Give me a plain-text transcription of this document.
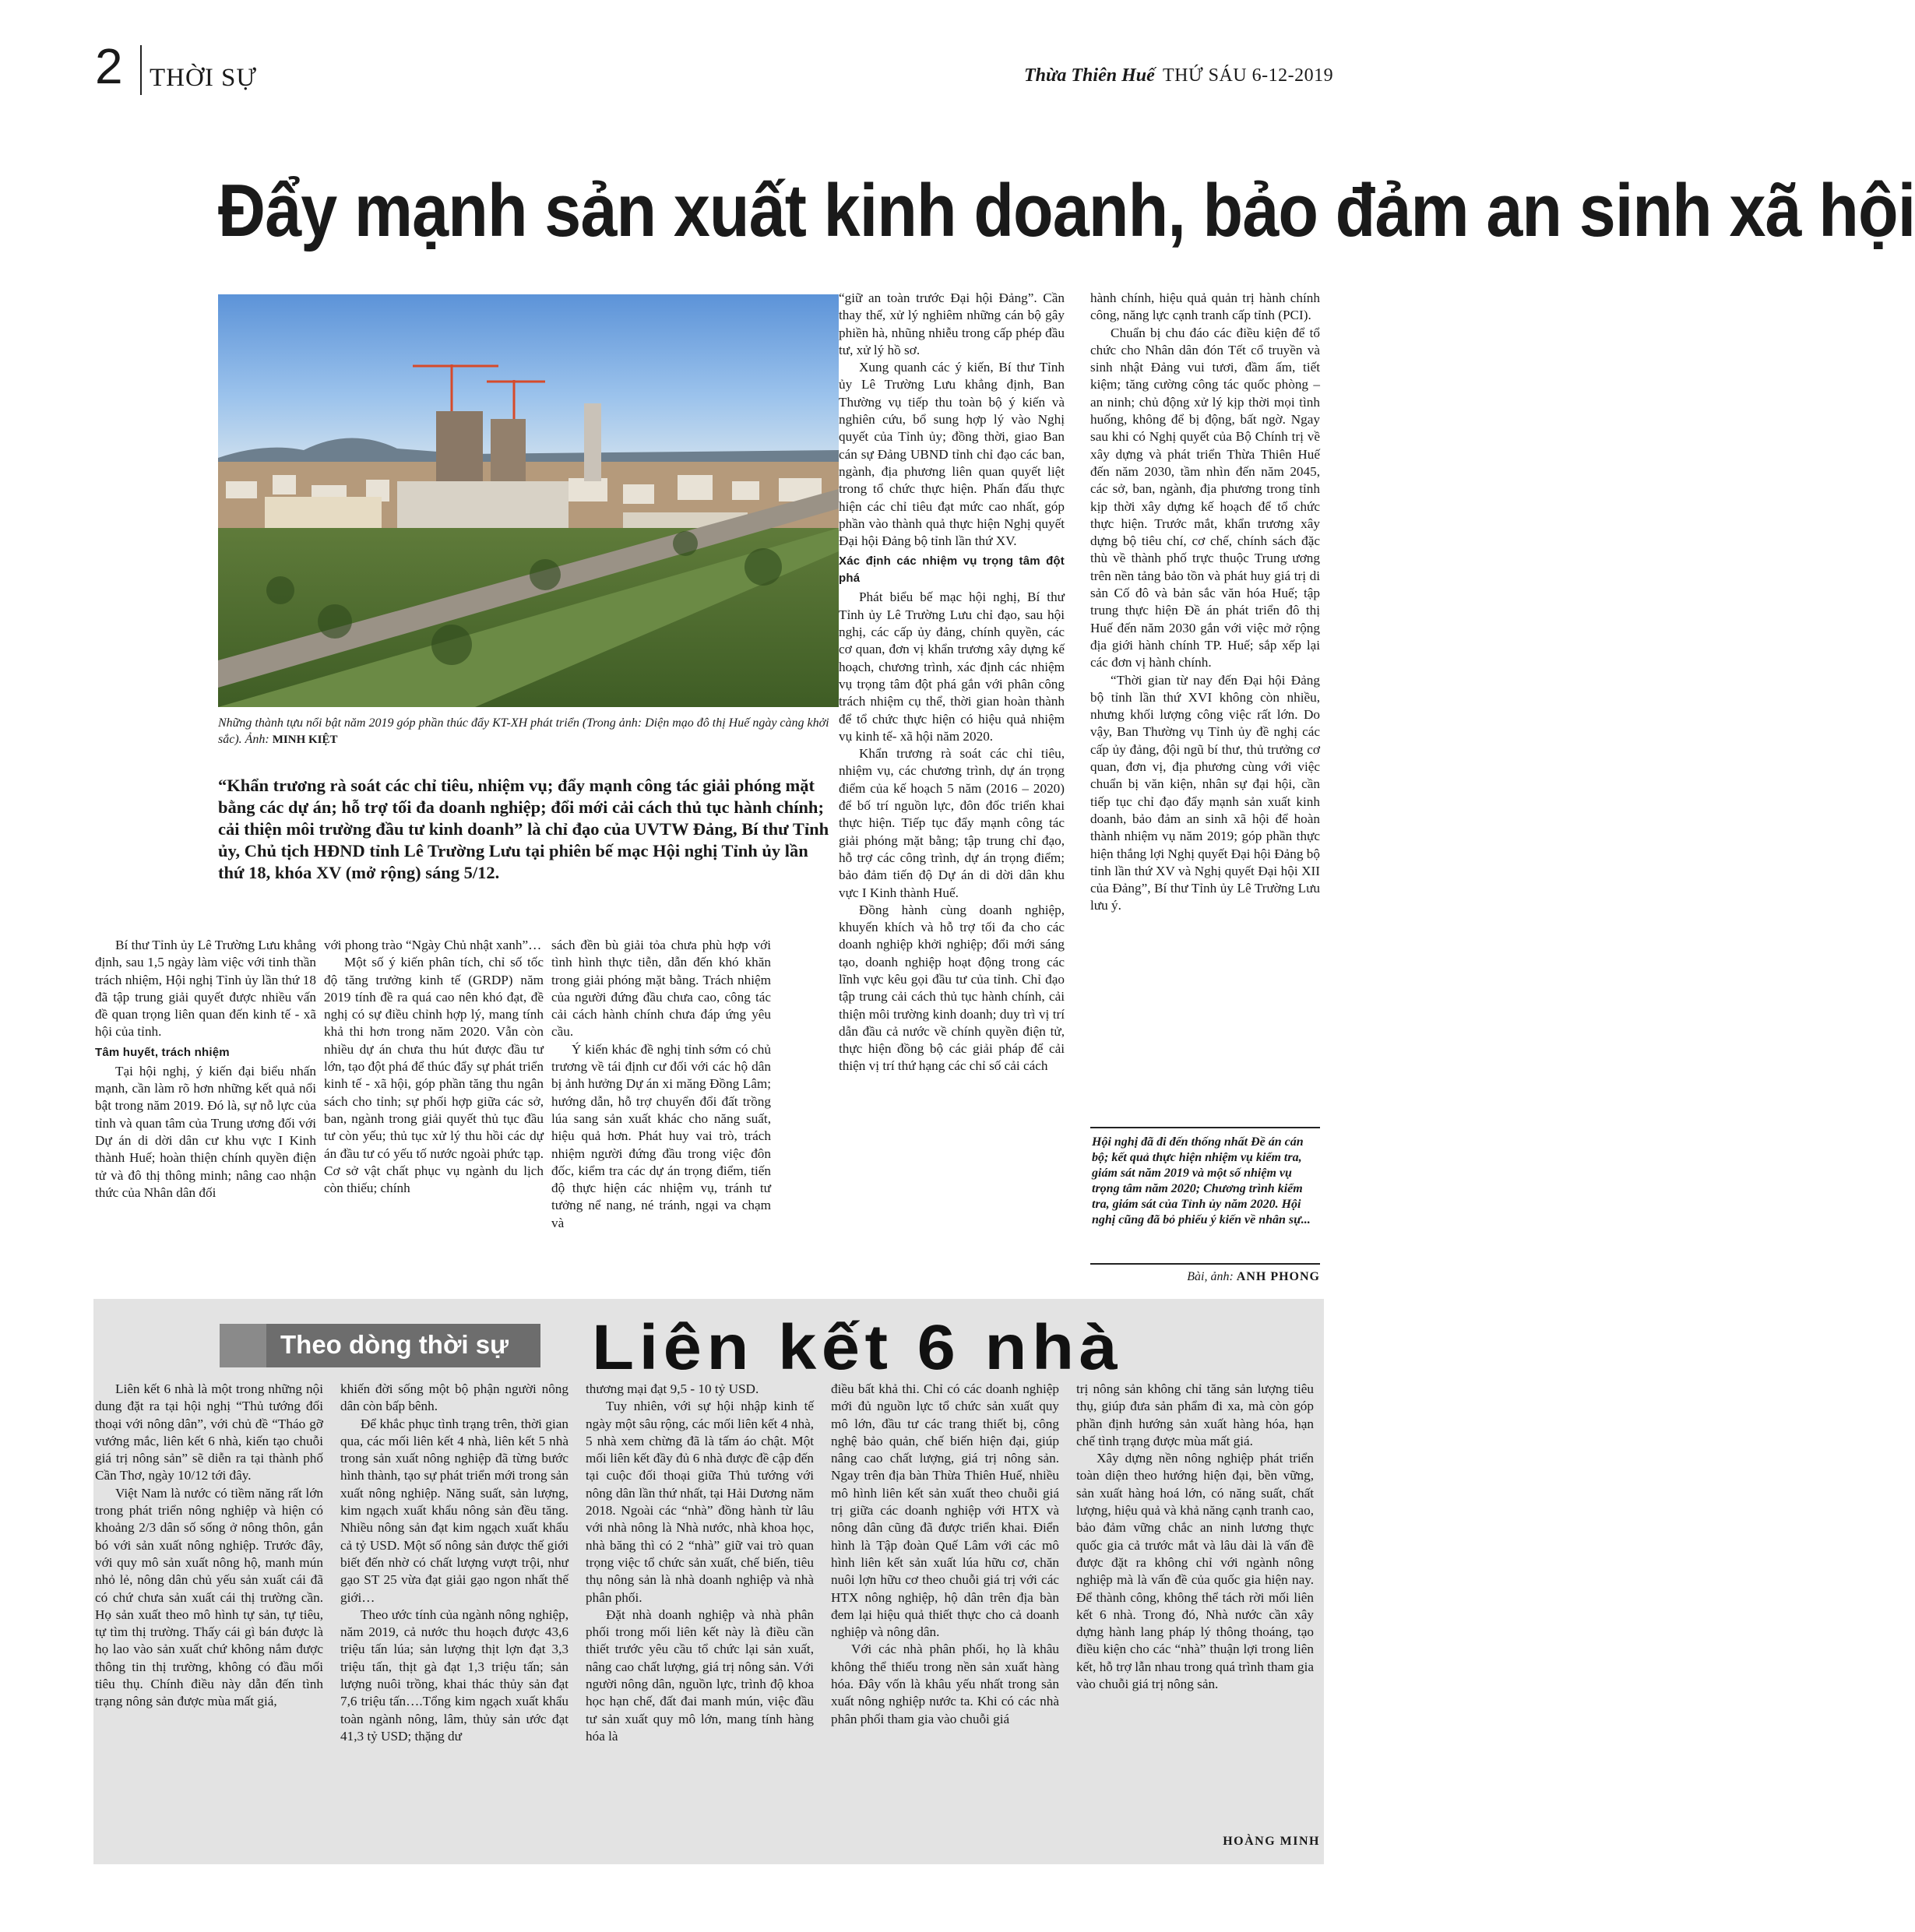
2 THỜI SỰ	Thừa Thiên Huế THỨ SÁU 6-12-2019
Đẩy mạnh sản xuất kinh doanh, bảo đảm an sinh xã hội
Những thành tựu nổi bật năm 2019 góp phần thúc đẩy KT-XH phát triển (Trong ảnh: Diện mạo đô thị Huế ngày càng khởi sắc). Ảnh: MINH KIỆT
“Khẩn trương rà soát các chỉ tiêu, nhiệm vụ; đẩy mạnh công tác giải phóng mặt bằng các dự án; hỗ trợ tối đa doanh nghiệp; đổi mới cải cách thủ tục hành chính; cải thiện môi trường đầu tư kinh doanh” là chỉ đạo của UVTW Đảng, Bí thư Tỉnh ủy, Chủ tịch HĐND tỉnh Lê Trường Lưu tại phiên bế mạc Hội nghị Tỉnh ủy lần thứ 18, khóa XV (mở rộng) sáng 5/12.

Bí thư Tỉnh ủy Lê Trường Lưu khẳng định, sau 1,5 ngày làm việc với tinh thần trách nhiệm, Hội nghị Tỉnh ủy lần thứ 18 đã tập trung giải quyết được nhiều vấn đề quan trọng liên quan đến kinh tế - xã hội của tỉnh.

Tâm huyết, trách nhiệm

Tại hội nghị, ý kiến đại biểu nhấn mạnh, cần làm rõ hơn những kết quả nổi bật trong năm 2019. Đó là, sự nỗ lực của tỉnh và quan tâm của Trung ương đối với Dự án di dời dân cư khu vực I Kinh thành Huế; hoàn thiện chính quyền điện tử và đô thị thông minh; nâng cao nhận thức của Nhân dân đối

với phong trào “Ngày Chủ nhật xanh”…

Một số ý kiến phân tích, chỉ số tốc độ tăng trưởng kinh tế (GRDP) năm 2019 tính đề ra quá cao nên khó đạt, đề nghị có sự điều chỉnh hợp lý, mang tính khả thi hơn trong năm 2020. Vẫn còn nhiều dự án chưa thu hút được đầu tư lớn, tạo đột phá để thúc đẩy sự phát triển kinh tế - xã hội, góp phần tăng thu ngân sách cho tỉnh; sự phối hợp giữa các sở, ban, ngành trong giải quyết thủ tục đầu tư còn yếu; thủ tục xử lý thu hồi các dự án đầu tư có yếu tố nước ngoài phức tạp. Cơ sở vật chất phục vụ ngành du lịch còn thiếu; chính

sách đền bù giải tỏa chưa phù hợp với tình hình thực tiễn, dẫn đến khó khăn trong giải phóng mặt bằng. Trách nhiệm của người đứng đầu chưa cao, công tác cải cách hành chính chưa đáp ứng yêu cầu.

Ý kiến khác đề nghị tỉnh sớm có chủ trương về tái định cư đối với các hộ dân bị ảnh hưởng Dự án xi măng Đồng Lâm; hướng dẫn, hỗ trợ chuyển đổi đất trồng lúa sang sản xuất khác cho năng suất, hiệu quả hơn. Phát huy vai trò, trách nhiệm người đứng đầu trong việc đôn đốc, kiểm tra các dự án trọng điểm, tiến độ thực hiện các nhiệm vụ, tránh tư tưởng nể nang, né tránh, ngại va chạm và

“giữ an toàn trước Đại hội Đảng”. Cần thay thế, xử lý nghiêm những cán bộ gây phiền hà, nhũng nhiễu trong cấp phép đầu tư, xử lý hồ sơ.

Xung quanh các ý kiến, Bí thư Tỉnh ủy Lê Trường Lưu khẳng định, Ban Thường vụ tiếp thu toàn bộ ý kiến và nghiên cứu, bổ sung hợp lý vào Nghị quyết của Tỉnh ủy; đồng thời, giao Ban cán sự Đảng UBND tỉnh chỉ đạo các ban, ngành, địa phương liên quan quyết liệt trong tổ chức thực hiện. Phấn đấu thực hiện các chỉ tiêu đạt mức cao nhất, góp phần vào thành quả thực hiện Nghị quyết Đại hội Đảng bộ tỉnh lần thứ XV.

Xác định các nhiệm vụ trọng tâm đột phá

Phát biểu bế mạc hội nghị, Bí thư Tỉnh ủy Lê Trường Lưu chỉ đạo, sau hội nghị, các cấp ủy đảng, chính quyền, các cơ quan, đơn vị khẩn trương xây dựng kế hoạch, chương trình, xác định các nhiệm vụ trọng tâm đột phá gắn với phân công trách nhiệm cụ thể, thời gian hoàn thành để tổ chức thực hiện có hiệu quả nhiệm vụ kinh tế- xã hội năm 2020.

Khẩn trương rà soát các chỉ tiêu, nhiệm vụ, các chương trình, dự án trọng điểm của kế hoạch 5 năm (2016 – 2020) để bố trí nguồn lực, đôn đốc triển khai thực hiện. Tiếp tục đẩy mạnh công tác giải phóng mặt bằng; tập trung chỉ đạo, hỗ trợ các công trình, dự án trọng điểm; bảo đảm tiến độ Dự án di dời dân khu vực I Kinh thành Huế.

Đồng hành cùng doanh nghiệp, khuyến khích và hỗ trợ tối đa cho các doanh nghiệp khởi nghiệp; đổi mới sáng tạo, doanh nghiệp hoạt động trong các lĩnh vực kêu gọi đầu tư của tỉnh. Chỉ đạo tập trung cải cách thủ tục hành chính, cải thiện môi trường kinh doanh; duy trì vị trí dẫn đầu cả nước về chính quyền điện tử, thực hiện đồng bộ các giải pháp để cải thiện vị trí thứ hạng các chỉ số cải cách

hành chính, hiệu quả quản trị hành chính công, năng lực cạnh tranh cấp tỉnh (PCI).

Chuẩn bị chu đáo các điều kiện để tổ chức cho Nhân dân đón Tết cổ truyền và sinh nhật Đảng vui tươi, đầm ấm, tiết kiệm; tăng cường công tác quốc phòng – an ninh; chủ động xử lý kịp thời mọi tình huống, không để bị động, bất ngờ. Ngay sau khi có Nghị quyết của Bộ Chính trị về xây dựng và phát triển Thừa Thiên Huế đến năm 2030, tầm nhìn đến năm 2045, các sở, ban, ngành, địa phương trong tỉnh kịp thời xây dựng kế hoạch để tổ chức thực hiện. Trước mắt, khẩn trương xây dựng bộ tiêu chí, cơ chế, chính sách đặc thù về thành phố trực thuộc Trung ương trên nền tảng bảo tồn và phát huy giá trị di sản Cố đô và bản sắc văn hóa Huế; tập trung thực hiện Đề án phát triển đô thị Huế đến năm 2030 gắn với việc mở rộng địa giới hành chính TP. Huế; sắp xếp lại các đơn vị hành chính.

“Thời gian từ nay đến Đại hội Đảng bộ tỉnh lần thứ XVI không còn nhiều, nhưng khối lượng công việc rất lớn. Do vậy, Ban Thường vụ Tỉnh ủy đề nghị các cấp ủy đảng, đội ngũ bí thư, thủ trưởng cơ quan, đơn vị, địa phương cùng với việc chuẩn bị văn kiện, nhân sự đại hội, cần tiếp tục chỉ đạo đẩy mạnh sản xuất kinh doanh, bảo đảm an sinh xã hội để hoàn thành nhiệm vụ năm 2019; góp phần thực hiện thắng lợi Nghị quyết Đại hội Đảng bộ tỉnh lần thứ XV và Nghị quyết Đại hội XII của Đảng”, Bí thư Tỉnh ủy Lê Trường Lưu lưu ý.

Hội nghị đã đi đến thống nhất Đề án cán bộ; kết quả thực hiện nhiệm vụ kiểm tra, giám sát năm 2019 và một số nhiệm vụ trọng tâm năm 2020; Chương trình kiểm tra, giám sát của Tỉnh ủy năm 2020. Hội nghị cũng đã bỏ phiếu ý kiến về nhân sự...
Bài, ảnh: ANH PHONG
Theo dòng thời sự Liên kết 6 nhà

Liên kết 6 nhà là một trong những nội dung đặt ra tại hội nghị “Thủ tướng đối thoại với nông dân”, với chủ đề “Tháo gỡ vướng mắc, liên kết 6 nhà, kiến tạo chuỗi giá trị nông sản” sẽ diễn ra tại thành phố Cần Thơ, ngày 10/12 tới đây.

Việt Nam là nước có tiềm năng rất lớn trong phát triển nông nghiệp và hiện có khoảng 2/3 dân số sống ở nông thôn, gắn bó với sản xuất nông nghiệp. Trước đây, với quy mô sản xuất nông hộ, manh mún nhỏ lẻ, nông dân chủ yếu sản xuất cái đã có chứ chưa sản xuất cái thị trường cần. Họ sản xuất theo mô hình tự sản, tự tiêu, tự tìm thị trường. Thấy cái gì bán được là họ lao vào sản xuất chứ không nắm được thông tin thị trường, không có đầu mối tiêu thụ. Chính điều này dẫn đến tình trạng nông sản được mùa mất giá,

khiến đời sống một bộ phận người nông dân còn bấp bênh.

Để khắc phục tình trạng trên, thời gian qua, các mối liên kết 4 nhà, liên kết 5 nhà trong sản xuất nông nghiệp đã từng bước hình thành, tạo sự phát triển mới trong sản xuất nông nghiệp. Năng suất, sản lượng, kim ngạch xuất khẩu nông sản đều tăng. Nhiều nông sản đạt kim ngạch xuất khẩu cả tỷ USD. Một số nông sản được thế giới biết đến nhờ có chất lượng vượt trội, như gạo ST 25 vừa đạt giải gạo ngon nhất thế giới…

Theo ước tính của ngành nông nghiệp, năm 2019, cả nước thu hoạch được 43,6 triệu tấn lúa; sản lượng thịt lợn đạt 3,3 triệu tấn, thịt gà đạt 1,3 triệu tấn; sản lượng nuôi trồng, khai thác thủy sản đạt 7,6 triệu tấn….Tổng kim ngạch xuất khẩu toàn ngành nông, lâm, thủy sản ước đạt 41,3 tỷ USD; thặng dư

thương mại đạt 9,5 - 10 tỷ USD.

Tuy nhiên, với sự hội nhập kinh tế ngày một sâu rộng, các mối liên kết 4 nhà, 5 nhà xem chừng đã là tấm áo chật. Một mối liên kết đầy đủ 6 nhà được đề cập đến tại cuộc đối thoại giữa Thủ tướng với nông dân lần thứ nhất, tại Hải Dương năm 2018. Ngoài các “nhà” đồng hành từ lâu với nhà nông là Nhà nước, nhà khoa học, nhà băng thì có 2 “nhà” giữ vai trò quan trọng việc tổ chức sản xuất, chế biến, tiêu thụ nông sản là nhà doanh nghiệp và nhà phân phối.

Đặt nhà doanh nghiệp và nhà phân phối trong mối liên kết này là điều cần thiết trước yêu cầu tổ chức lại sản xuất, nâng cao chất lượng, giá trị nông sản. Với người nông dân, nguồn lực, trình độ khoa học hạn chế, đất đai manh mún, việc đầu tư sản xuất quy mô lớn, mang tính hàng hóa là

điều bất khả thi. Chỉ có các doanh nghiệp mới đủ nguồn lực tổ chức sản xuất quy mô lớn, đầu tư các trang thiết bị, công nghệ bảo quản, chế biến hiện đại, giúp nâng cao chất lượng, giá trị nông sản. Ngay trên địa bàn Thừa Thiên Huế, nhiều mô hình liên kết sản xuất theo chuỗi giá trị giữa các doanh nghiệp với HTX và nông dân cũng đã được triển khai. Điển hình là Tập đoàn Quế Lâm với các mô hình liên kết sản xuất lúa hữu cơ, chăn nuôi lợn hữu cơ theo chuỗi giá trị với các HTX nông nghiệp, hộ dân trên địa bàn đem lại hiệu quả thiết thực cho cả doanh nghiệp và nông dân.

Với các nhà phân phối, họ là khâu không thể thiếu trong nền sản xuất hàng hóa. Đây vốn là khâu yếu nhất trong sản xuất nông nghiệp nước ta. Khi có các nhà phân phối tham gia vào chuỗi giá

trị nông sản không chỉ tăng sản lượng tiêu thụ, giúp đưa sản phẩm đi xa, mà còn góp phần định hướng sản xuất hàng hóa, hạn chế tình trạng được mùa mất giá.

Xây dựng nền nông nghiệp phát triển toàn diện theo hướng hiện đại, bền vững, sản xuất hàng hoá lớn, có năng suất, chất lượng, hiệu quả và khả năng cạnh tranh cao, bảo đảm vững chắc an ninh lương thực quốc gia cả trước mắt và lâu dài là vấn đề được đặt ra không chỉ với ngành nông nghiệp mà là vấn đề của quốc gia hiện nay. Để thành công, không thể tách rời mối liên kết 6 nhà. Trong đó, Nhà nước cần xây dựng hành lang pháp lý thông thoáng, tạo điều kiện cho các “nhà” thuận lợi trong liên kết, hỗ trợ lẫn nhau trong quá trình tham gia vào chuỗi giá trị nông sản.

HOÀNG MINH
